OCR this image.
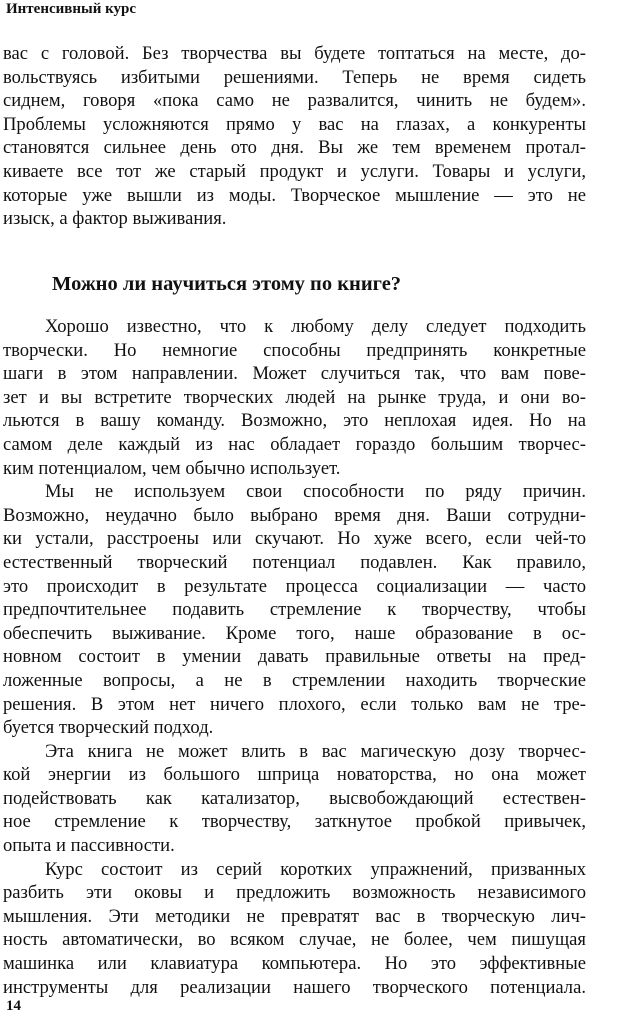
Интенсивный курс
вас с головой. Без творчества вы будете топтаться на месте, до-
вольствуясь избитыми решениями. Теперь не время сидеть
сиднем, говоря «пока само не развалится, чинить не будем».
Проблемы усложняются прямо у вас на глазах, а конкуренты
становятся сильнее день ото дня. Вы же тем временем протал-
киваете все тот же старый продукт и услуги. Товары и услуги,
которые уже вышли из моды. Творческое мышление — это не
изыск, а фактор выживания.
Можно ли научиться этому по книге?
Хорошо известно, что к любому делу следует подходить
творчески. Но немногие способны предпринять конкретные
шаги в этом направлении. Может случиться так, что вам пове-
зет и вы встретите творческих людей на рынке труда, и они во-
льются в вашу команду. Возможно, это неплохая идея. Но на
самом деле каждый из нас обладает гораздо большим творчес-
ким потенциалом, чем обычно использует.
Мы не используем свои способности по ряду причин.
Возможно, неудачно было выбрано время дня. Ваши сотрудни-
ки устали, расстроены или скучают. Но хуже всего, если чей-то
естественный творческий потенциал подавлен. Как правило,
это происходит в результате процесса социализации — часто
предпочтительнее подавить стремление к творчеству, чтобы
обеспечить выживание. Кроме того, наше образование в ос-
новном состоит в умении давать правильные ответы на пред-
ложенные вопросы, а не в стремлении находить творческие
решения. В этом нет ничего плохого, если только вам не тре-
буется творческий подход.
Эта книга не может влить в вас магическую дозу творчес-
кой энергии из большого шприца новаторства, но она может
подействовать как катализатор, высвобождающий естествен-
ное стремление к творчеству, заткнутое пробкой привычек,
опыта и пассивности.
Курс состоит из серий коротких упражнений, призванных
разбить эти оковы и предложить возможность независимого
мышления. Эти методики не превратят вас в творческую лич-
ность автоматически, во всяком случае, не более, чем пишущая
машинка или клавиатура компьютера. Но это эффективные
инструменты для реализации нашего творческого потенциала.
14
